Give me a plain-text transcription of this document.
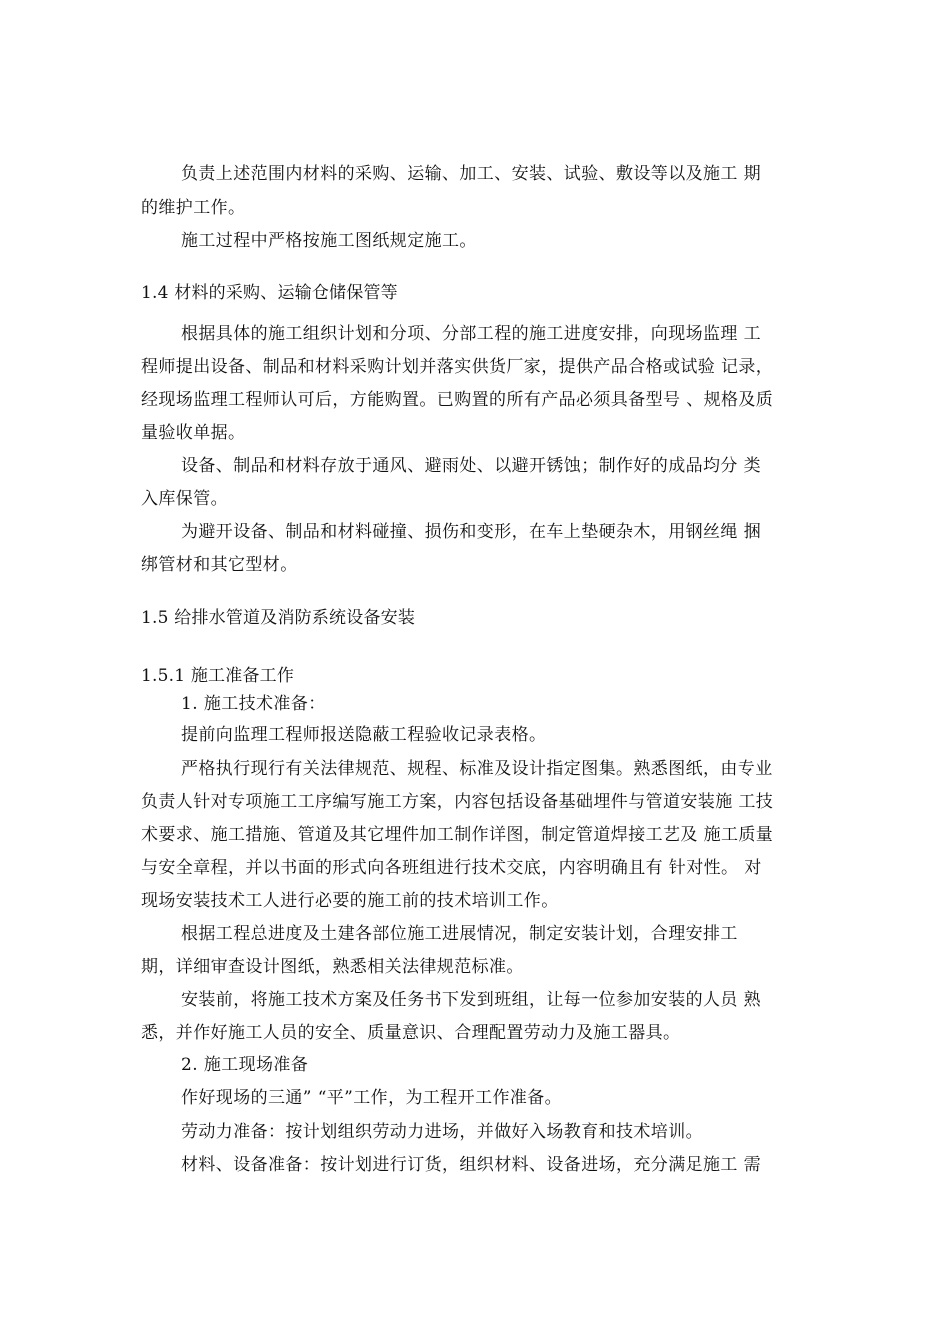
负责上述范围内材料的采购、运输、加工、安装、试验、敷设等以及施工 期
的维护工作。
施工过程中严格按施工图纸规定施工。
1.4 材料的采购、运输仓储保管等
根据具体的施工组织计划和分项、分部工程的施工进度安排，向现场监理 工
程师提出设备、制品和材料采购计划并落实供货厂家，提供产品合格或试验 记录，
经现场监理工程师认可后，方能购置。已购置的所有产品必须具备型号 、规格及质
量验收单据。
设备、制品和材料存放于通风、避雨处、以避开锈蚀；制作好的成品均分 类
入库保管。
为避开设备、制品和材料碰撞、损伤和变形，在车上垫硬杂木，用钢丝绳 捆
绑管材和其它型材。
1.5 给排水管道及消防系统设备安装
1.5.1 施工准备工作
1. 施工技术准备：
提前向监理工程师报送隐蔽工程验收记录表格。
严格执行现行有关法律规范、规程、标准及设计指定图集。熟悉图纸，由专业
负责人针对专项施工工序编写施工方案，内容包括设备基础埋件与管道安装施 工技
术要求、施工措施、管道及其它埋件加工制作详图，制定管道焊接工艺及 施工质量
与安全章程，并以书面的形式向各班组进行技术交底，内容明确且有 针对性。 对
现场安装技术工人进行必要的施工前的技术培训工作。
根据工程总进度及土建各部位施工进展情况，制定安装计划，合理安排工
期，详细审查设计图纸，熟悉相关法律规范标准。
安装前，将施工技术方案及任务书下发到班组，让每一位参加安装的人员 熟
悉，并作好施工人员的安全、质量意识、合理配置劳动力及施工器具。
2. 施工现场准备
作好现场的三通” “平”工作，为工程开工作准备。
劳动力准备：按计划组织劳动力进场，并做好入场教育和技术培训。
材料、设备准备：按计划进行订货，组织材料、设备进场，充分满足施工 需
